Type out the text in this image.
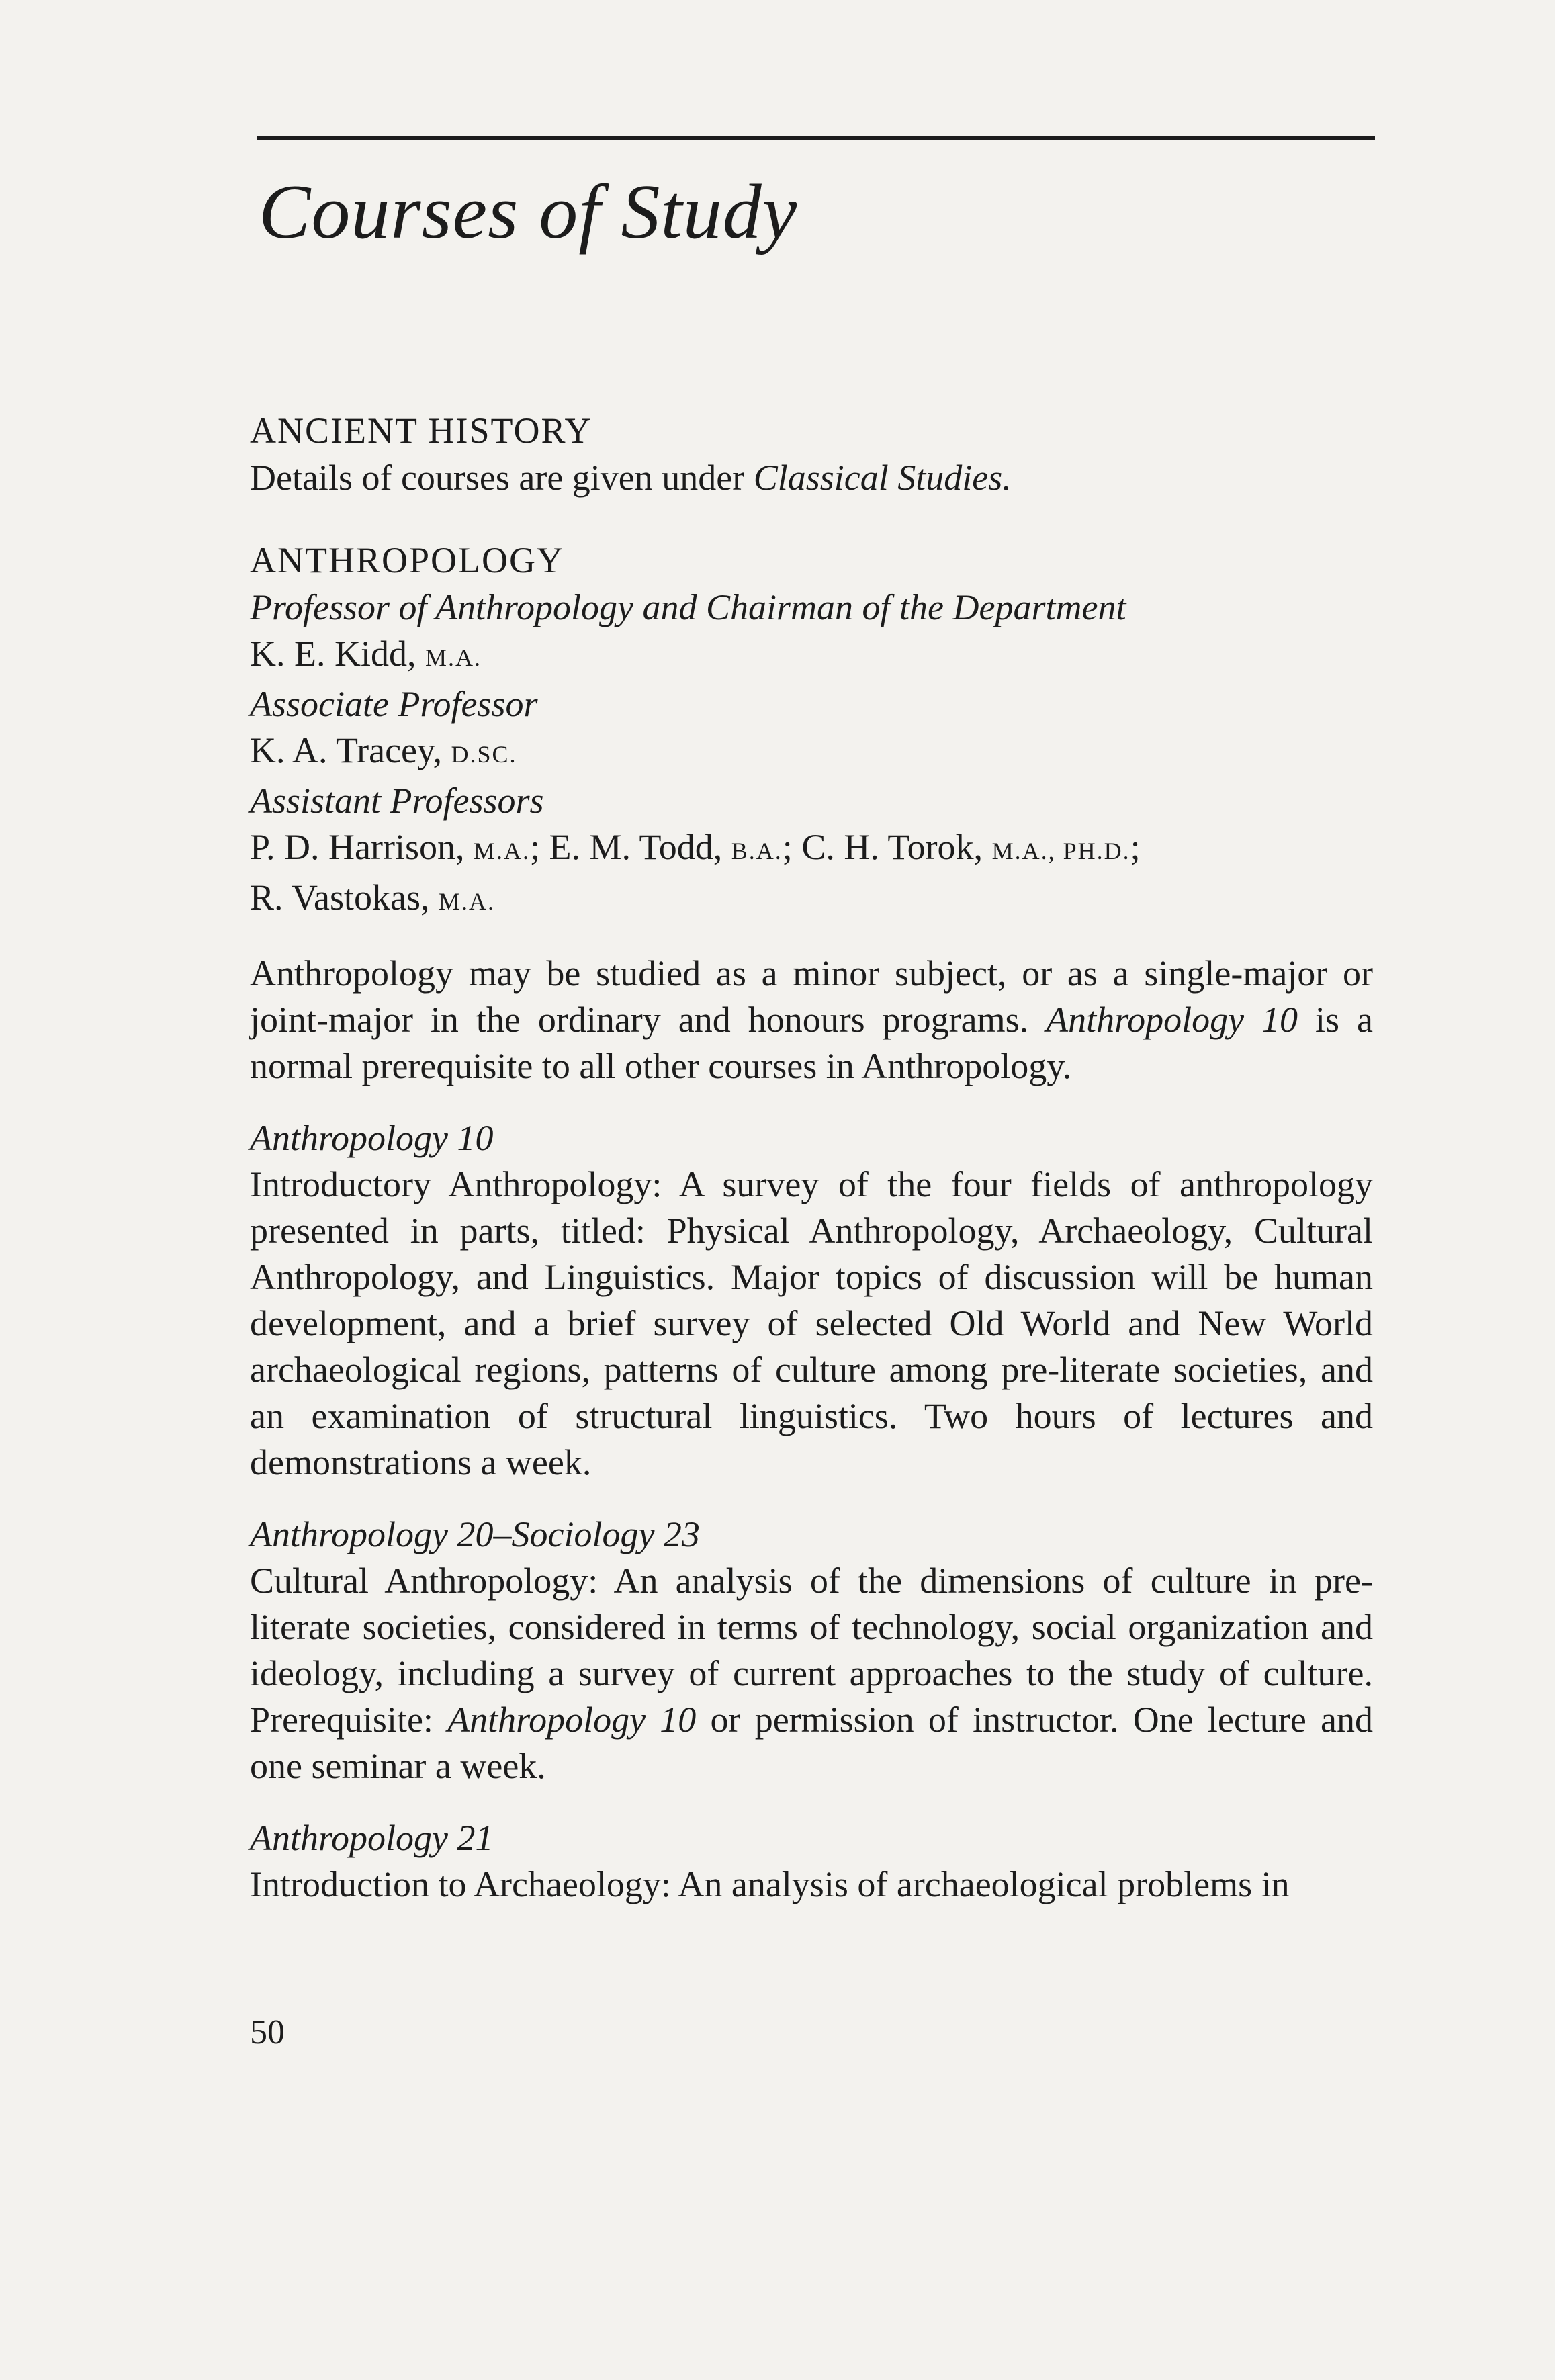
Courses of Study
ANCIENT HISTORY

Details of courses are given under Classical Studies.

ANTHROPOLOGY

Professor of Anthropology and Chairman of the Department

K. E. Kidd, M.A.

Associate Professor

K. A. Tracey, D.SC.

Assistant Professors

P. D. Harrison, M.A.; E. M. Todd, B.A.; C. H. Torok, M.A., PH.D.;
R. Vastokas, M.A.

Anthropology may be studied as a minor subject, or as a single-major or joint-major in the ordinary and honours programs. Anthropology 10 is a normal prerequisite to all other courses in Anthropology.

Anthropology 10

Introductory Anthropology: A survey of the four fields of anthropology presented in parts, titled: Physical Anthropology, Archaeology, Cultural Anthropology, and Linguistics. Major topics of discussion will be human development, and a brief survey of selected Old World and New World archaeological regions, patterns of culture among pre-literate societies, and an examination of structural linguistics. Two hours of lectures and demonstrations a week.

Anthropology 20–Sociology 23

Cultural Anthropology: An analysis of the dimensions of culture in pre-literate societies, considered in terms of technology, social organization and ideology, including a survey of current approaches to the study of culture. Prerequisite: Anthropology 10 or permission of instructor. One lecture and one seminar a week.

Anthropology 21

Introduction to Archaeology: An analysis of archaeological problems in

50
